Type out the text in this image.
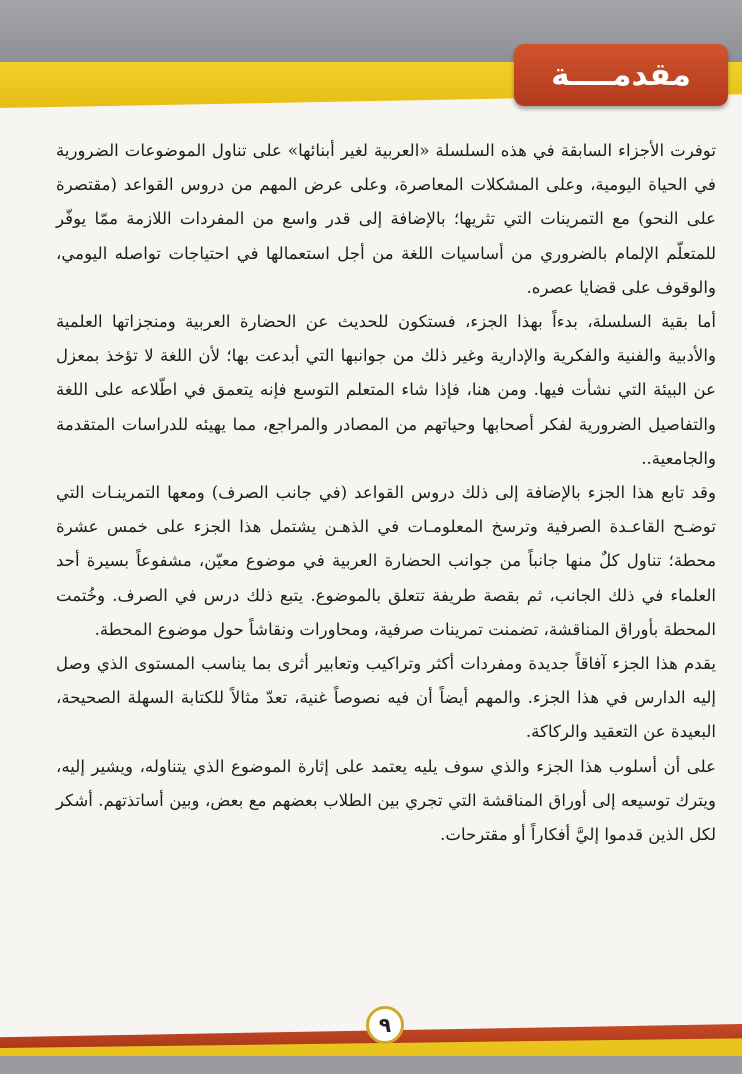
مقدمــــة

توفرت الأجزاء السابقة في هذه السلسلة «العربية لغير أبنائها» على تناول الموضوعات الضرورية في الحياة اليومية، وعلى المشكلات المعاصرة، وعلى عرض المهم من دروس القواعد (مقتصرة على النحو) مع التمرينات التي تثريها؛ بالإضافة إلى قدر واسع من المفردات اللازمة ممّا يوفّر للمتعلّم الإلمام بالضروري من أساسيات اللغة من أجل استعمالها في احتياجات تواصله اليومي، والوقوف على قضايا عصره.

أما بقية السلسلة، بدءاً بهذا الجزء، فستكون للحديث عن الحضارة العربية ومنجزاتها العلمية والأدبية والفنية والفكرية والإدارية وغير ذلك من جوانبها التي أبدعت بها؛ لأن اللغة لا تؤخذ بمعزل عن البيئة التي نشأت فيها. ومن هنا، فإذا شاء المتعلم التوسع فإنه يتعمق في اطّلاعه على اللغة والتفاصيل الضرورية لفكر أصحابها وحياتهم من المصادر والمراجع، مما يهيئه للدراسات المتقدمة والجامعية..

وقد تابع هذا الجزء بالإضافة إلى ذلك دروس القواعد (في جانب الصرف) ومعها التمرينـات التي توضـح القاعـدة الصرفية وترسخ المعلومـات في الذهـن يشتمل هذا الجزء على خمس عشرة محطة؛ تناول كلٌ منها جانباً من جوانب الحضارة العربية في موضوع معيّن، مشفوعاً بسيرة أحد العلماء في ذلك الجانب، ثم بقصة طريفة تتعلق بالموضوع. يتبع ذلك درس في الصرف. وخُتمت المحطة بأوراق المناقشة، تضمنت تمرينات صرفية، ومحاورات ونقاشاً حول موضوع المحطة.

يقدم هذا الجزء آفاقاً جديدة ومفردات أكثر وتراكيب وتعابير أثرى بما يناسب المستوى الذي وصل إليه الدارس في هذا الجزء. والمهم أيضاً أن فيه نصوصاً غنية، تعدّ مثالاً للكتابة السهلة الصحيحة، البعيدة عن التعقيد والركاكة.

على أن أسلوب هذا الجزء والذي سوف يليه يعتمد على إثارة الموضوع الذي يتناوله، ويشير إليه، ويترك توسيعه إلى أوراق المناقشة التي تجري بين الطلاب بعضهم مع بعض، وبين أساتذتهم. أشكر لكل الذين قدموا إليَّ أفكاراً أو مقترحات.

٩
